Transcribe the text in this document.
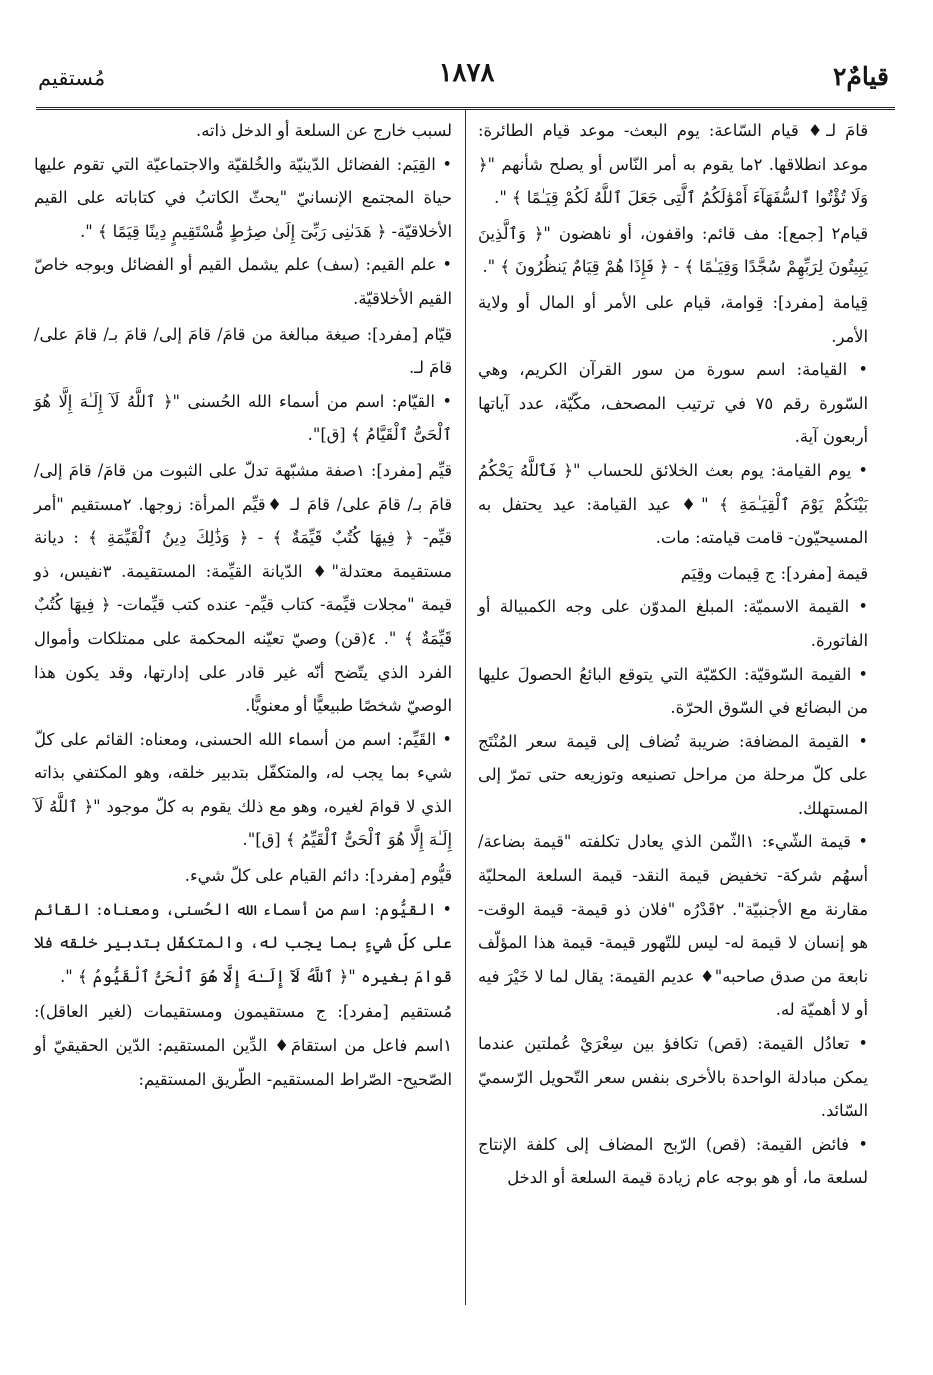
قيامٌ٢
١٨٧٨
مُستقيم

قامَ لـ♦ قيام السّاعة: يوم البعث- موعد قيام الطائرة: موعد انطلاقها. ٢ما يقوم به أمر النّاس أو يصلح شأنهم "﴿ وَلَا تُؤْتُوا ٱلسُّفَهَآءَ أَمْوَٰلَكُمُ ٱلَّتِى جَعَلَ ٱللَّهُ لَكُمْ قِيَـٰمًا ﴾ ".

قيام٢ [جمع]: مف قائم: واقفون، أو ناهضون "﴿ وَٱلَّذِينَ يَبِيتُونَ لِرَبِّهِمْ سُجَّدًا وَقِيَـٰمًا ﴾ - ﴿ فَإِذَا هُمْ قِيَامٌ يَنظُرُونَ ﴾ ".

قِيامة [مفرد]: قِوامة، قيام على الأمر أو المال أو ولاية الأمر.

• القيامة: اسم سورة من سور القرآن الكريم، وهي السّورة رقم ٧٥ في ترتيب المصحف، مكّيّة، عدد آياتها أربعون آية.

• يوم القيامة: يوم بعث الخلائق للحساب "﴿ فَٱللَّهُ يَحْكُمُ بَيْنَكُمْ يَوْمَ ٱلْقِيَـٰمَةِ ﴾ "♦ عيد القيامة: عيد يحتفل به المسيحيّون- قامت قيامته: مات.

قيمة [مفرد]: ج قِيمات وقِيَم

• القيمة الاسميّة: المبلغ المدوّن على وجه الكمبيالة أو الفاتورة.

• القيمة السّوقيّة: الكمّيّة التي يتوقع البائعُ الحصولَ عليها من البضائع في السّوق الحرّة.

• القيمة المضافة: ضريبة تُضاف إلى قيمة سعر المُنْتَج على كلّ مرحلة من مراحل تصنيعه وتوزيعه حتى تمرّ إلى المستهلك.

• قيمة الشّيء: ١الثّمن الذي يعادل تكلفته "قيمة بضاعة/ أسهُم شركة- تخفيض قيمة النقد- قيمة السلعة المحليّة مقارنة مع الأجنبيّة". ٢قَدْرُه "فلان ذو قيمة- قيمة الوقت- هو إنسان لا قيمة له- ليس للتّهور قيمة- قيمة هذا المؤلّف نابعة من صدق صاحبه"♦ عديم القيمة: يقال لما لا خَيْرَ فيه أو لا أهميّة له.

• تعادُل القيمة: (قص) تكافؤ بين سِعْرَيْ عُملتين عندما يمكن مبادلة الواحدة بالأخرى بنفس سعر التّحويل الرّسميّ السّائد.

• فائض القيمة: (قص) الرّبح المضاف إلى كلفة الإنتاج لسلعة ما، أو هو بوجه عام زيادة قيمة السلعة أو الدخل

لسبب خارج عن السلعة أو الدخل ذاته.

• القِيَم: الفضائل الدّينيّة والخُلقيّة والاجتماعيّة التي تقوم عليها حياة المجتمع الإنسانيّ "يحثّ الكاتبُ في كتاباته على القيم الأخلاقيّة- ﴿ هَدَىٰنِى رَبِّىٓ إِلَىٰ صِرَٰطٍ مُّسْتَقِيمٍ دِينًا قِيَمًا ﴾ ".

• علم القيم: (سف) علم يشمل القيم أو الفضائل وبوجه خاصّ القيم الأخلاقيّة.

قيّام [مفرد]: صيغة مبالغة من قامَ/ قامَ إلى/ قامَ بـ/ قامَ على/ قامَ لـ.

• القيّام: اسم من أسماء الله الحُسنى "﴿ ٱللَّهُ لَآ إِلَـٰهَ إِلَّا هُوَ ٱلْحَىُّ ٱلْقَيَّامُ ﴾ [ق]".

قيِّم [مفرد]: ١صفة مشبّهة تدلّ على الثبوت من قامَ/ قامَ إلى/ قامَ بـ/ قامَ على/ قامَ لـ ♦قيِّم المرأة: زوجها. ٢مستقيم "أمر قيِّم- ﴿ فِيهَا كُتُبٌ قَيِّمَةٌ ﴾ - ﴿ وَذَٰلِكَ دِينُ ٱلْقَيِّمَةِ ﴾ : ديانة مستقيمة معتدلة"♦ الدّيانة القيِّمة: المستقيمة. ٣نفيس، ذو قيمة "مجلات قيِّمة- كتاب قيِّم- عنده كتب قيِّمات- ﴿ فِيهَا كُتُبٌ قَيِّمَةٌ ﴾ ". ٤(قن) وصيّ تعيّنه المحكمة على ممتلكات وأموال الفرد الذي يتّضح أنّه غير قادر على إدارتها، وقد يكون هذا الوصيّ شخصًا طبيعيًّا أو معنويًّا.

• القَيِّم: اسم من أسماء الله الحسنى، ومعناه: القائم على كلّ شيء بما يجب له، والمتكفّل بتدبير خلقه، وهو المكتفي بذاته الذي لا قوامَ لغيره، وهو مع ذلك يقوم به كلّ موجود "﴿ ٱللَّهُ لَآ إِلَـٰهَ إِلَّا هُوَ ٱلْحَىُّ ٱلْقَيِّمُ ﴾ [ق]".

قيُّوم [مفرد]: دائم القيام على كلّ شيء.

• القيُّوم: اسم من أسماء الله الحُسنى، ومعناه: القائم على كلّ شيءٍ بما يجب له، والمتكفّل بتدبير خلقه فلا قوامَ بغيره "﴿ ٱللَّهُ لَآ إِلَـٰهَ إِلَّا هُوَ ٱلْحَىُّ ٱلْقَيُّومُ ﴾ ".

مُستقيم [مفرد]: ج مستقيمون ومستقيمات (لغير العاقل): ١اسم فاعل من استقامَ♦ الدِّين المستقيم: الدّين الحقيقيّ أو الصّحيح- الصّراط المستقيم- الطّريق المستقيم:
